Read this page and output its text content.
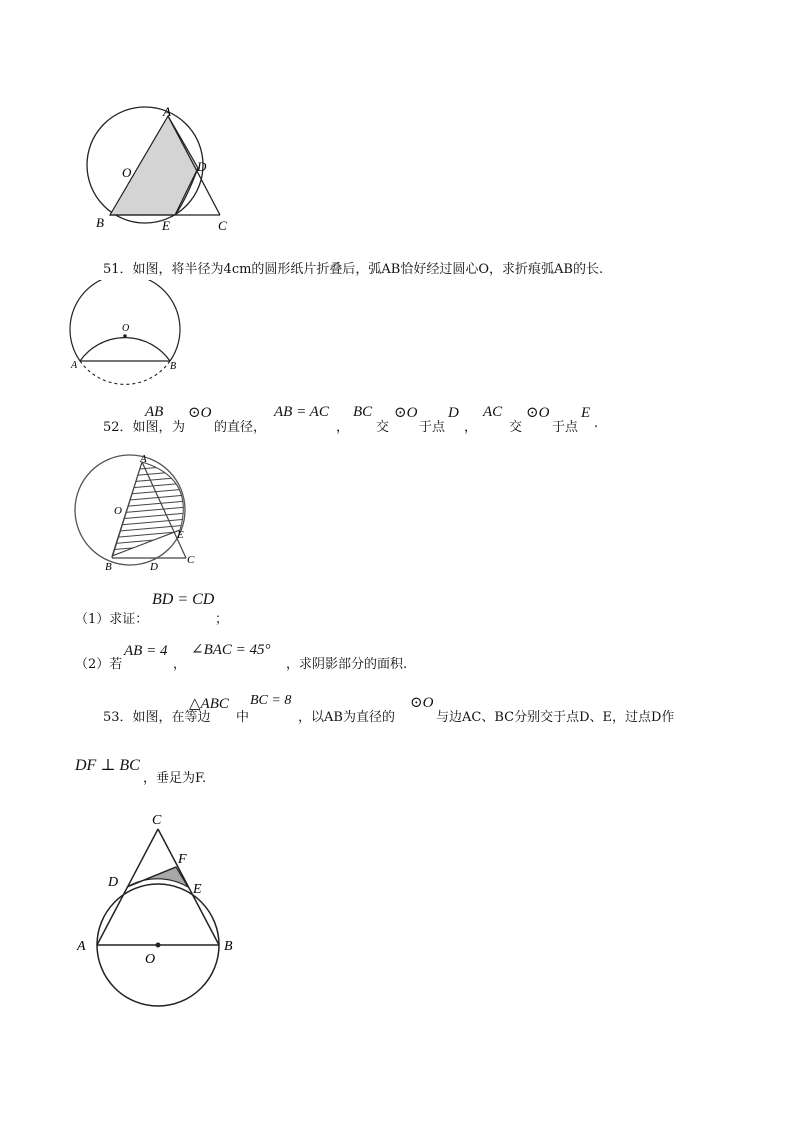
A
O	D
B	E	C
51．如图，将半径为4cm的圆形纸片折叠后，弧AB恰好经过圆心O，求折痕弧AB的长.
O
A	B
52．如图，
AB
为
⊙O
的直径，
AB = AC
，
BC
交
⊙O
于点
D
，
AC
交
⊙O
于点
E
.
A
O
E
C
B	D
（1）求证：
BD = CD
；
（2）若
AB = 4
，
∠BAC = 45°
，求阴影部分的面积.
53．如图，在等边
△ABC
中
BC = 8
，以AB为直径的
⊙O
与边AC、BC分别交于点D、E，过点D作
DF ⊥ BC
，垂足为F.
C
F
D	E
A
O
B
